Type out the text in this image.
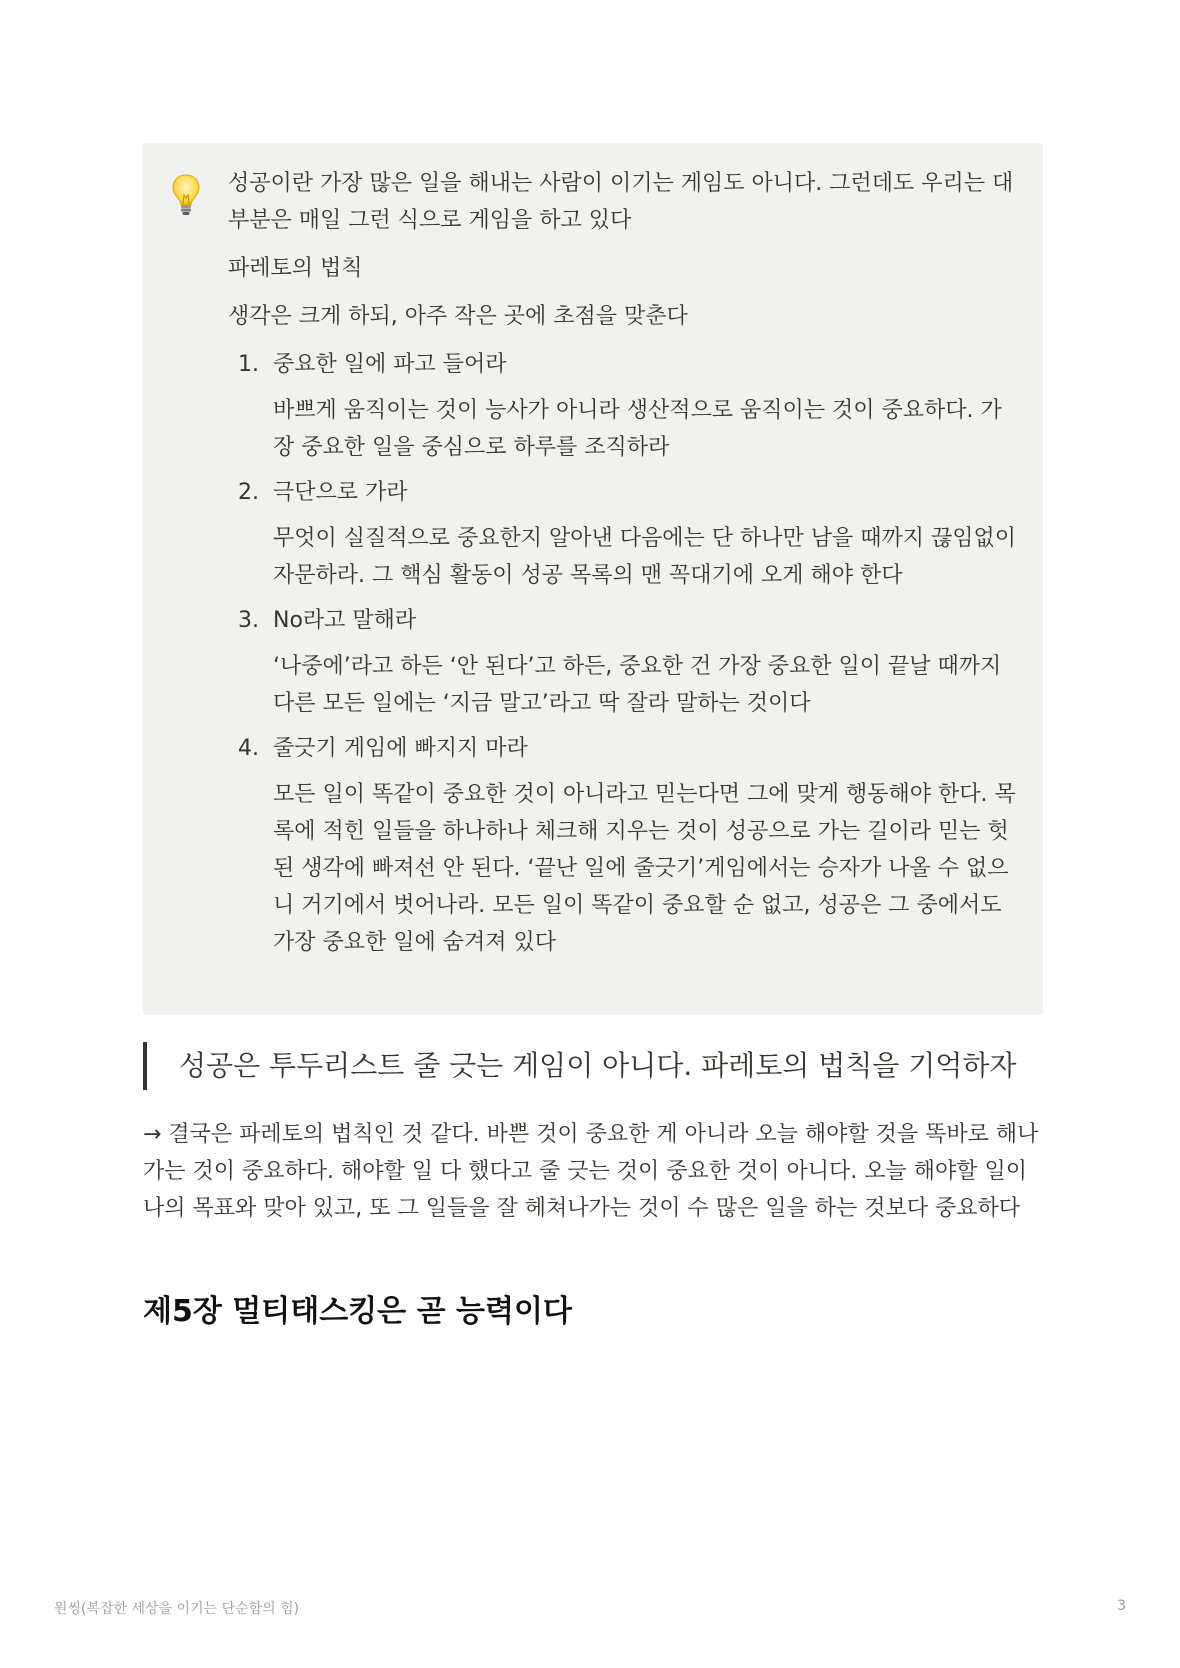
성공이란 가장 많은 일을 해내는 사람이 이기는 게임도 아니다. 그런데도 우리는 대부분은 매일 그런 식으로 게임을 하고 있다

파레토의 법칙

생각은 크게 하되, 아주 작은 곳에 초점을 맞춘다

1. 중요한 일에 파고 들어라

바쁘게 움직이는 것이 능사가 아니라 생산적으로 움직이는 것이 중요하다. 가장 중요한 일을 중심으로 하루를 조직하라

2. 극단으로 가라

무엇이 실질적으로 중요한지 알아낸 다음에는 단 하나만 남을 때까지 끊임없이 자문하라. 그 핵심 활동이 성공 목록의 맨 꼭대기에 오게 해야 한다

3. No라고 말해라

‘나중에’라고 하든 ‘안 된다’고 하든, 중요한 건 가장 중요한 일이 끝날 때까지 다른 모든 일에는 ‘지금 말고’라고 딱 잘라 말하는 것이다

4. 줄긋기 게임에 빠지지 마라

모든 일이 똑같이 중요한 것이 아니라고 믿는다면 그에 맞게 행동해야 한다. 목록에 적힌 일들을 하나하나 체크해 지우는 것이 성공으로 가는 길이라 믿는 헛된 생각에 빠져선 안 된다. ‘끝난 일에 줄긋기’게임에서는 승자가 나올 수 없으니 거기에서 벗어나라. 모든 일이 똑같이 중요할 순 없고, 성공은 그 중에서도 가장 중요한 일에 숨겨져 있다

성공은 투두리스트 줄 긋는 게임이 아니다. 파레토의 법칙을 기억하자
→ 결국은 파레토의 법칙인 것 같다. 바쁜 것이 중요한 게 아니라 오늘 해야할 것을 똑바로 해나가는 것이 중요하다. 해야할 일 다 했다고 줄 긋는 것이 중요한 것이 아니다. 오늘 해야할 일이 나의 목표와 맞아 있고, 또 그 일들을 잘 헤쳐나가는 것이 수 많은 일을 하는 것보다 중요하다
제5장 멀티태스킹은 곧 능력이다
원씽(복잡한 세상을 이기는 단순함의 힘)	3
